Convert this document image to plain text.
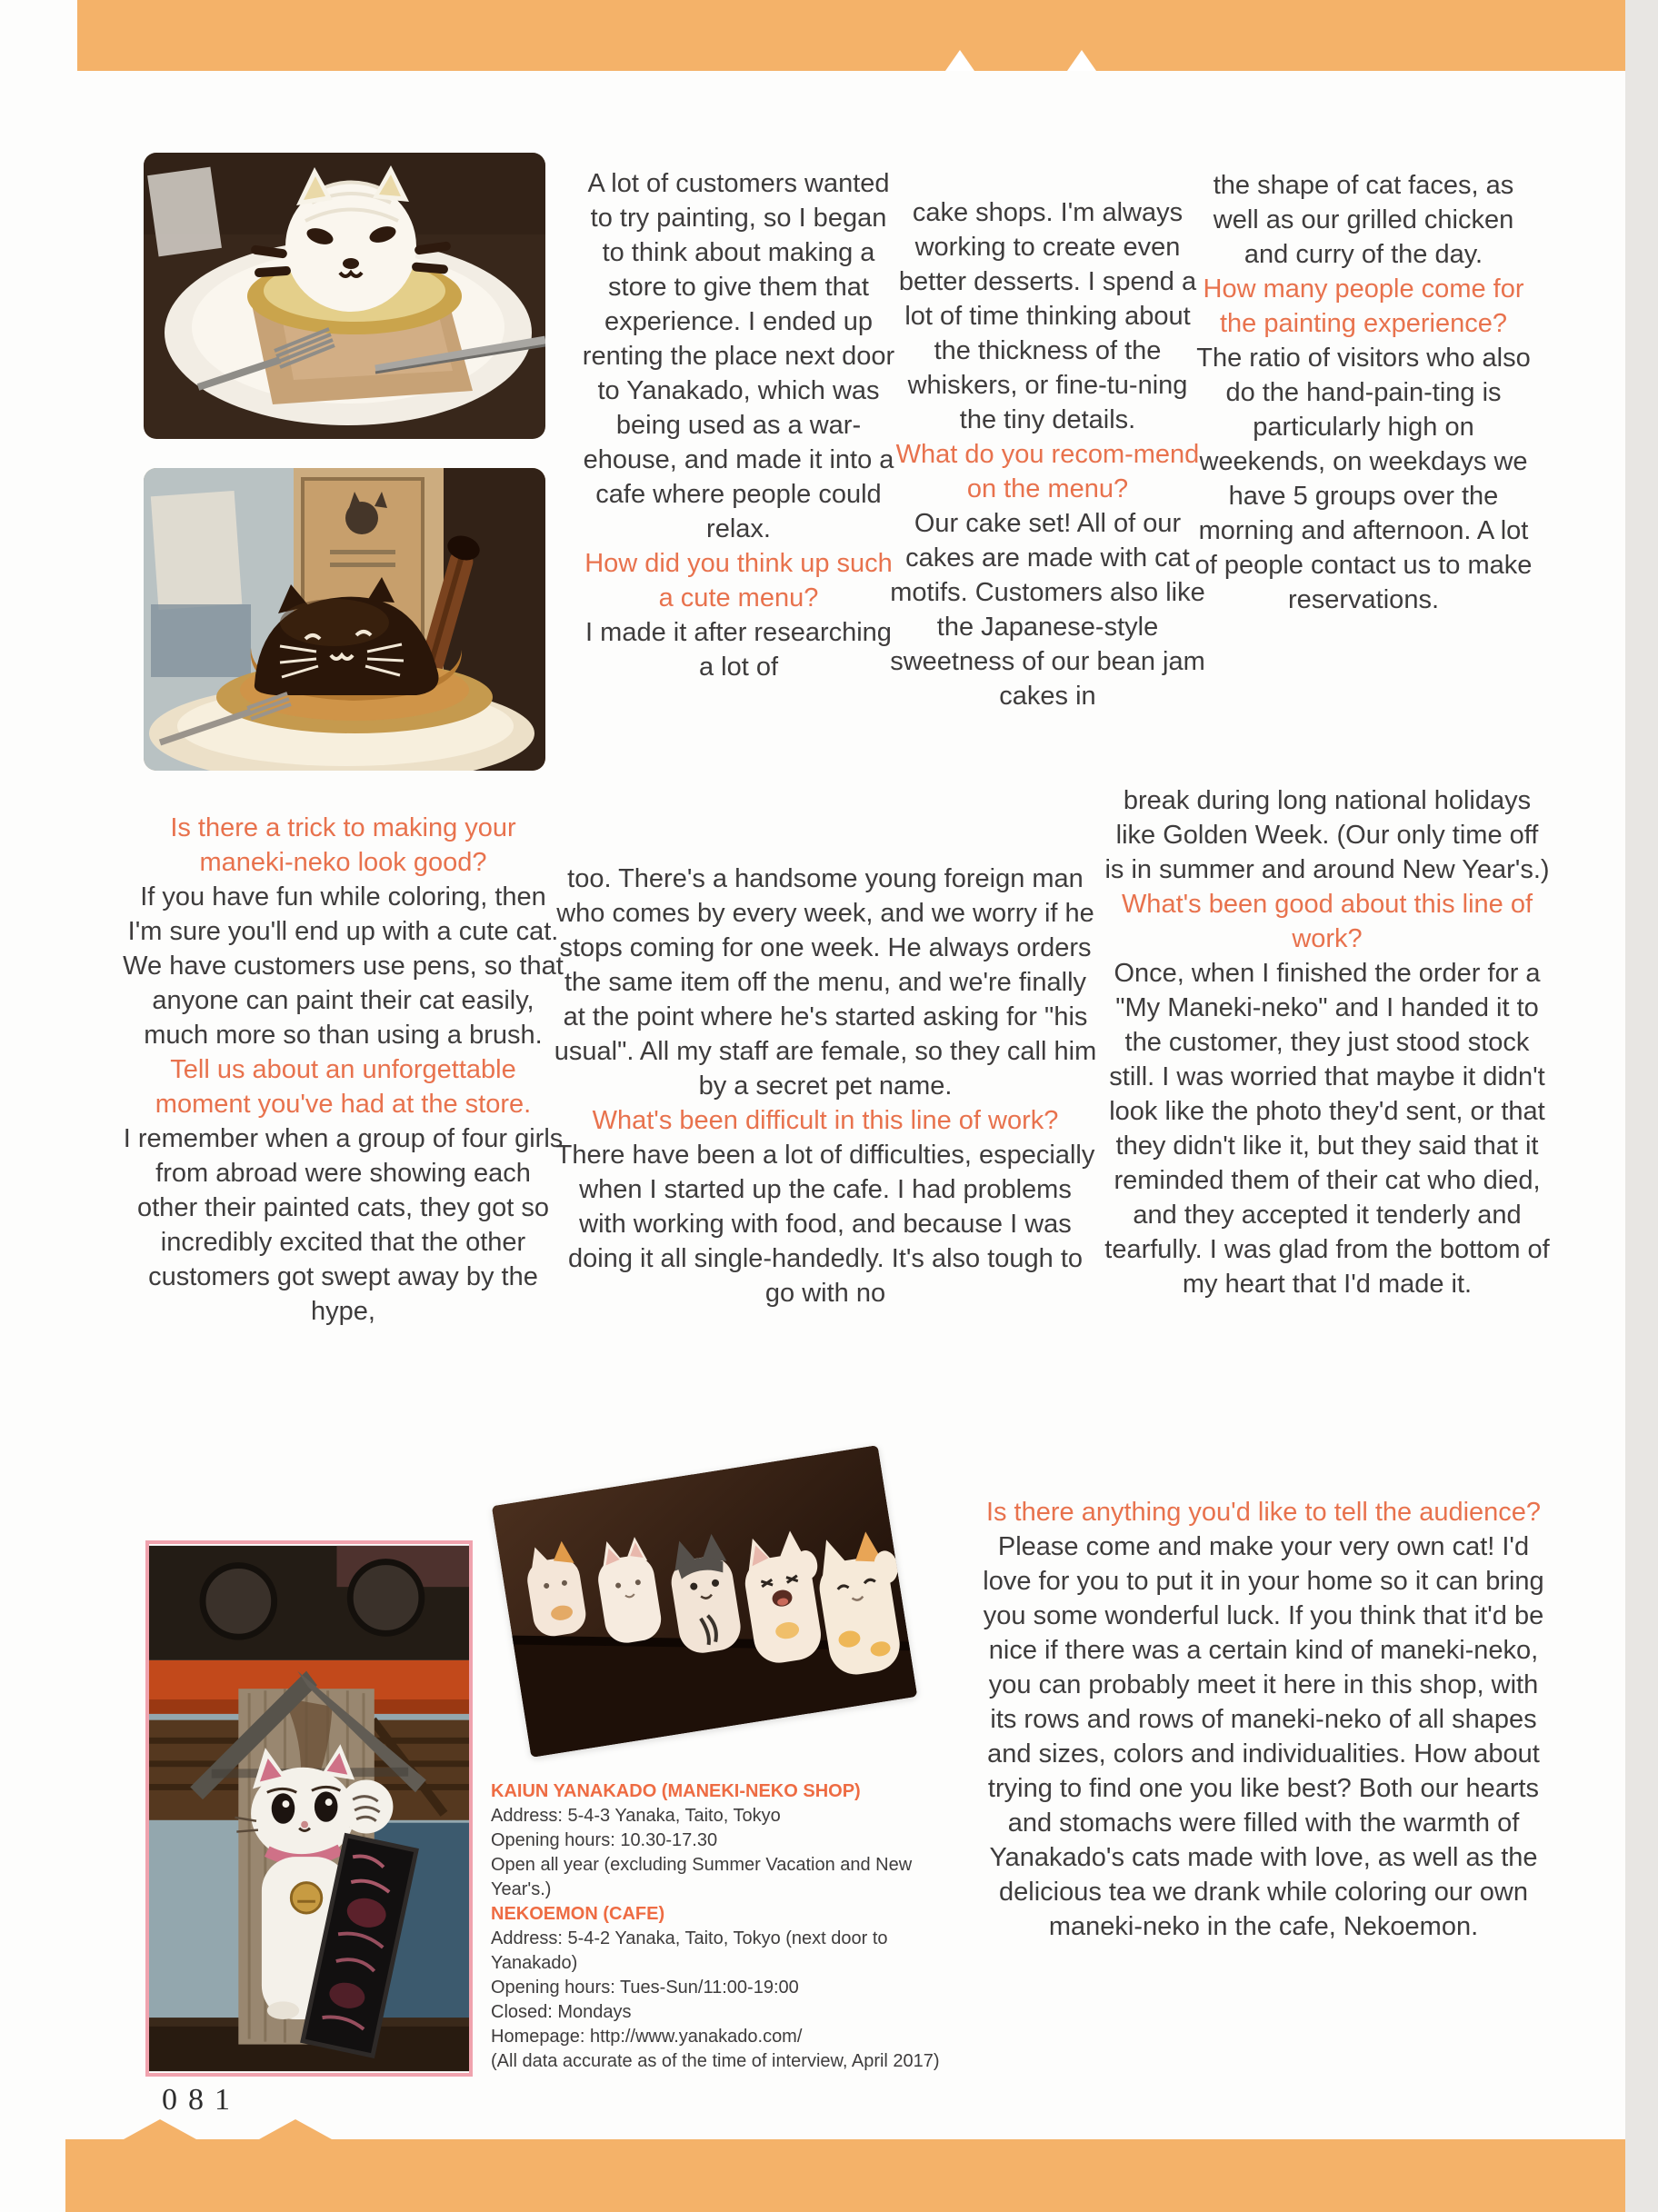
A lot of customers wanted to try painting, so I began to think about making a store to give them that experience. I ended up renting the place next door to Yanakado, which was being used as a war-ehouse, and made it into a cafe where people could relax.

How did you think up such a cute menu?

I made it after researching a lot of

cake shops. I'm always working to create even better desserts. I spend a lot of time thinking about the thickness of the whiskers, or fine-tu-ning the tiny details.

What do you recom-mend on the menu?

Our cake set! All of our cakes are made with cat motifs. Customers also like the Japanese-style sweetness of our bean jam cakes in

the shape of cat faces, as well as our grilled chicken and curry of the day.

How many people come for the painting experience?

The ratio of visitors who also do the hand-pain-ting is particularly high on weekends, on weekdays we have 5 groups over the morning and afternoon. A lot of people contact us to make reservations.

Is there a trick to making your maneki-neko look good?

If you have fun while coloring, then I'm sure you'll end up with a cute cat. We have customers use pens, so that anyone can paint their cat easily, much more so than using a brush.

Tell us about an unforgettable moment you've had at the store.

I remember when a group of four girls from abroad were showing each other their painted cats, they got so incredibly excited that the other customers got swept away by the hype,

too. There's a handsome young foreign man who comes by every week, and we worry if he stops coming for one week. He always orders the same item off the menu, and we're finally at the point where he's started asking for "his usual". All my staff are female, so they call him by a secret pet name.

What's been difficult in this line of work?

There have been a lot of difficulties, especially when I started up the cafe. I had problems with working with food, and because I was doing it all single-handedly. It's also tough to go with no

break during long national holidays like Golden Week. (Our only time off is in summer and around New Year's.)

What's been good about this line of work?

Once, when I finished the order for a "My Maneki-neko" and I handed it to the customer, they just stood stock still. I was worried that maybe it didn't look like the photo they'd sent, or that they didn't like it, but they said that it reminded them of their cat who died, and they accepted it tenderly and tearfully. I was glad from the bottom of my heart that I'd made it.

KAIUN YANAKADO (MANEKI-NEKO SHOP)

Address: 5-4-3 Yanaka, Taito, Tokyo

Opening hours: 10.30-17.30

Open all year (excluding Summer Vacation and New Year's.)

NEKOEMON (CAFE)

Address: 5-4-2 Yanaka, Taito, Tokyo (next door to Yanakado)

Opening hours: Tues-Sun/11:00-19:00

Closed: Mondays

Homepage: http://www.yanakado.com/

(All data accurate as of the time of interview, April 2017)

Is there anything you'd like to tell the audience?

Please come and make your very own cat! I'd love for you to put it in your home so it can bring you some wonderful luck. If you think that it'd be nice if there was a certain kind of maneki-neko, you can probably meet it here in this shop, with its rows and rows of maneki-neko of all shapes and sizes, colors and individualities. How about trying to find one you like best? Both our hearts and stomachs were filled with the warmth of Yanakado's cats made with love, as well as the delicious tea we drank while coloring our own maneki-neko in the cafe, Nekoemon.

081
